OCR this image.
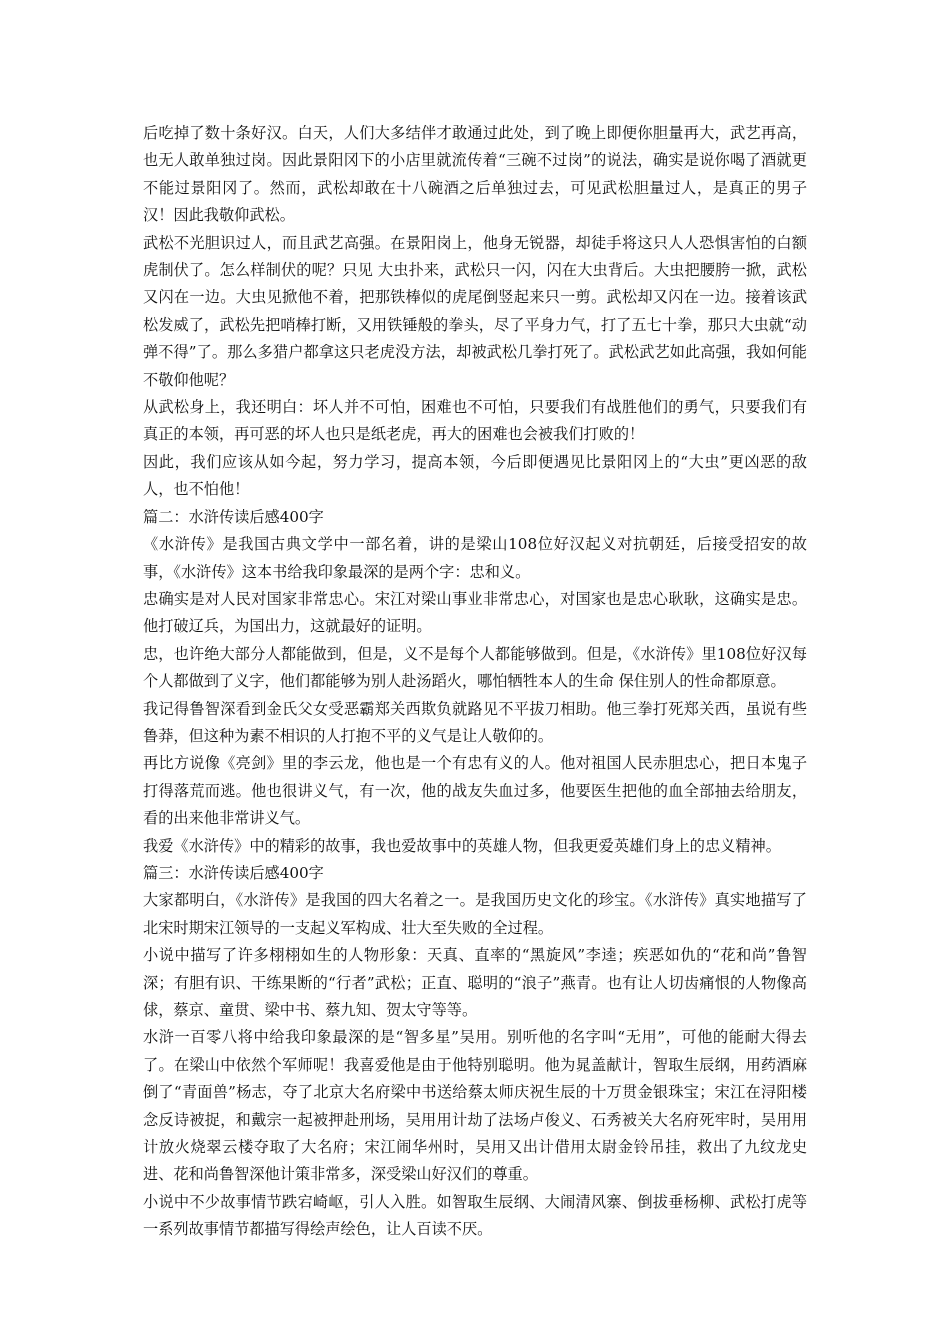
后吃掉了数十条好汉。白天，人们大多结伴才敢通过此处，到了晚上即便你胆量再大，武艺再高，也无人敢单独过岗。因此景阳冈下的小店里就流传着“三碗不过岗”的说法，确实是说你喝了酒就更不能过景阳冈了。然而，武松却敢在十八碗酒之后单独过去，可见武松胆量过人，是真正的男子汉！因此我敬仰武松。

武松不光胆识过人，而且武艺高强。在景阳岗上，他身无锐器，却徒手将这只人人恐惧害怕的白额虎制伏了。怎么样制伏的呢？只见 大虫扑来，武松只一闪，闪在大虫背后。大虫把腰胯一掀，武松又闪在一边。大虫见掀他不着，把那铁棒似的虎尾倒竖起来只一剪。武松却又闪在一边。接着该武松发威了，武松先把哨棒打断，又用铁锤般的拳头，尽了平身力气，打了五七十拳，那只大虫就“动弹不得”了。那么多猎户都拿这只老虎没方法，却被武松几拳打死了。武松武艺如此高强，我如何能不敬仰他呢？

从武松身上，我还明白：坏人并不可怕，困难也不可怕，只要我们有战胜他们的勇气，只要我们有真正的本领，再可恶的坏人也只是纸老虎，再大的困难也会被我们打败的！

因此，我们应该从如今起，努力学习，提高本领，今后即便遇见比景阳冈上的“大虫”更凶恶的敌人，也不怕他！

篇二：水浒传读后感400字

《水浒传》是我国古典文学中一部名着，讲的是梁山108位好汉起义对抗朝廷，后接受招安的故事，《水浒传》这本书给我印象最深的是两个字：忠和义。

忠确实是对人民对国家非常忠心。宋江对梁山事业非常忠心，对国家也是忠心耿耿，这确实是忠。他打破辽兵，为国出力，这就最好的证明。

忠，也许绝大部分人都能做到，但是，义不是每个人都能够做到。但是，《水浒传》里108位好汉每个人都做到了义字，他们都能够为别人赴汤蹈火，哪怕牺牲本人的生命 保住别人的性命都原意。

我记得鲁智深看到金氏父女受恶霸郑关西欺负就路见不平拔刀相助。他三拳打死郑关西，虽说有些鲁莽，但这种为素不相识的人打抱不平的义气是让人敬仰的。

再比方说像《亮剑》里的李云龙，他也是一个有忠有义的人。他对祖国人民赤胆忠心，把日本鬼子打得落荒而逃。他也很讲义气，有一次，他的战友失血过多，他要医生把他的血全部抽去给朋友，看的出来他非常讲义气。

我爱《水浒传》中的精彩的故事，我也爱故事中的英雄人物，但我更爱英雄们身上的忠义精神。

篇三：水浒传读后感400字

大家都明白，《水浒传》是我国的四大名着之一。是我国历史文化的珍宝。《水浒传》真实地描写了北宋时期宋江领导的一支起义军构成、壮大至失败的全过程。

小说中描写了许多栩栩如生的人物形象：天真、直率的“黑旋风”李逵；疾恶如仇的“花和尚”鲁智深；有胆有识、干练果断的“行者”武松；正直、聪明的“浪子”燕青。也有让人切齿痛恨的人物像高俅，蔡京、童贯、梁中书、蔡九知、贺太守等等。

水浒一百零八将中给我印象最深的是“智多星”吴用。别听他的名字叫“无用”，可他的能耐大得去了。在梁山中依然个军师呢！我喜爱他是由于他特别聪明。他为晁盖献计，智取生辰纲，用药酒麻倒了“青面兽”杨志，夺了北京大名府梁中书送给蔡太师庆祝生辰的十万贯金银珠宝；宋江在浔阳楼念反诗被捉，和戴宗一起被押赴刑场，吴用用计劫了法场卢俊义、石秀被关大名府死牢时，吴用用计放火烧翠云楼夺取了大名府；宋江闹华州时，吴用又出计借用太尉金铃吊挂，救出了九纹龙史进、花和尚鲁智深他计策非常多，深受梁山好汉们的尊重。

小说中不少故事情节跌宕崎岖，引人入胜。如智取生辰纲、大闹清风寨、倒拔垂杨柳、武松打虎等一系列故事情节都描写得绘声绘色，让人百读不厌。
